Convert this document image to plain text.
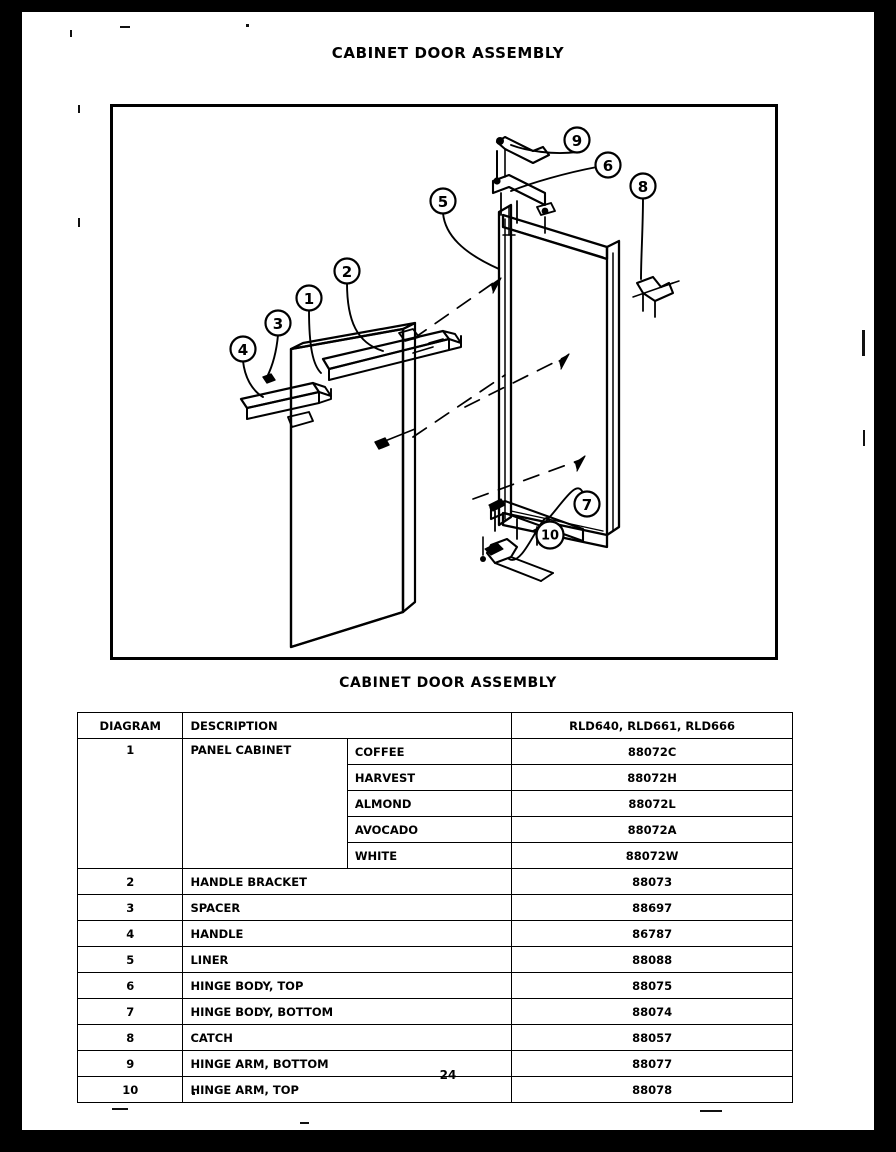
CABINET DOOR ASSEMBLY
1
2
3
4
5
6
7
8
9
10
CABINET DOOR ASSEMBLY
DIAGRAM	DESCRIPTION		RLD640, RLD661, RLD666
1	PANEL CABINET	COFFEE	88072C
		HARVEST	88072H
		ALMOND	88072L
		AVOCADO	88072A
		WHITE	88072W
2	HANDLE BRACKET		88073
3	SPACER		88697
4	HANDLE		86787
5	LINER		88088
6	HINGE BODY, TOP		88075
7	HINGE BODY, BOTTOM		88074
8	CATCH		88057
9	HINGE ARM, BOTTOM		88077
10	HINGE ARM, TOP		88078
24
